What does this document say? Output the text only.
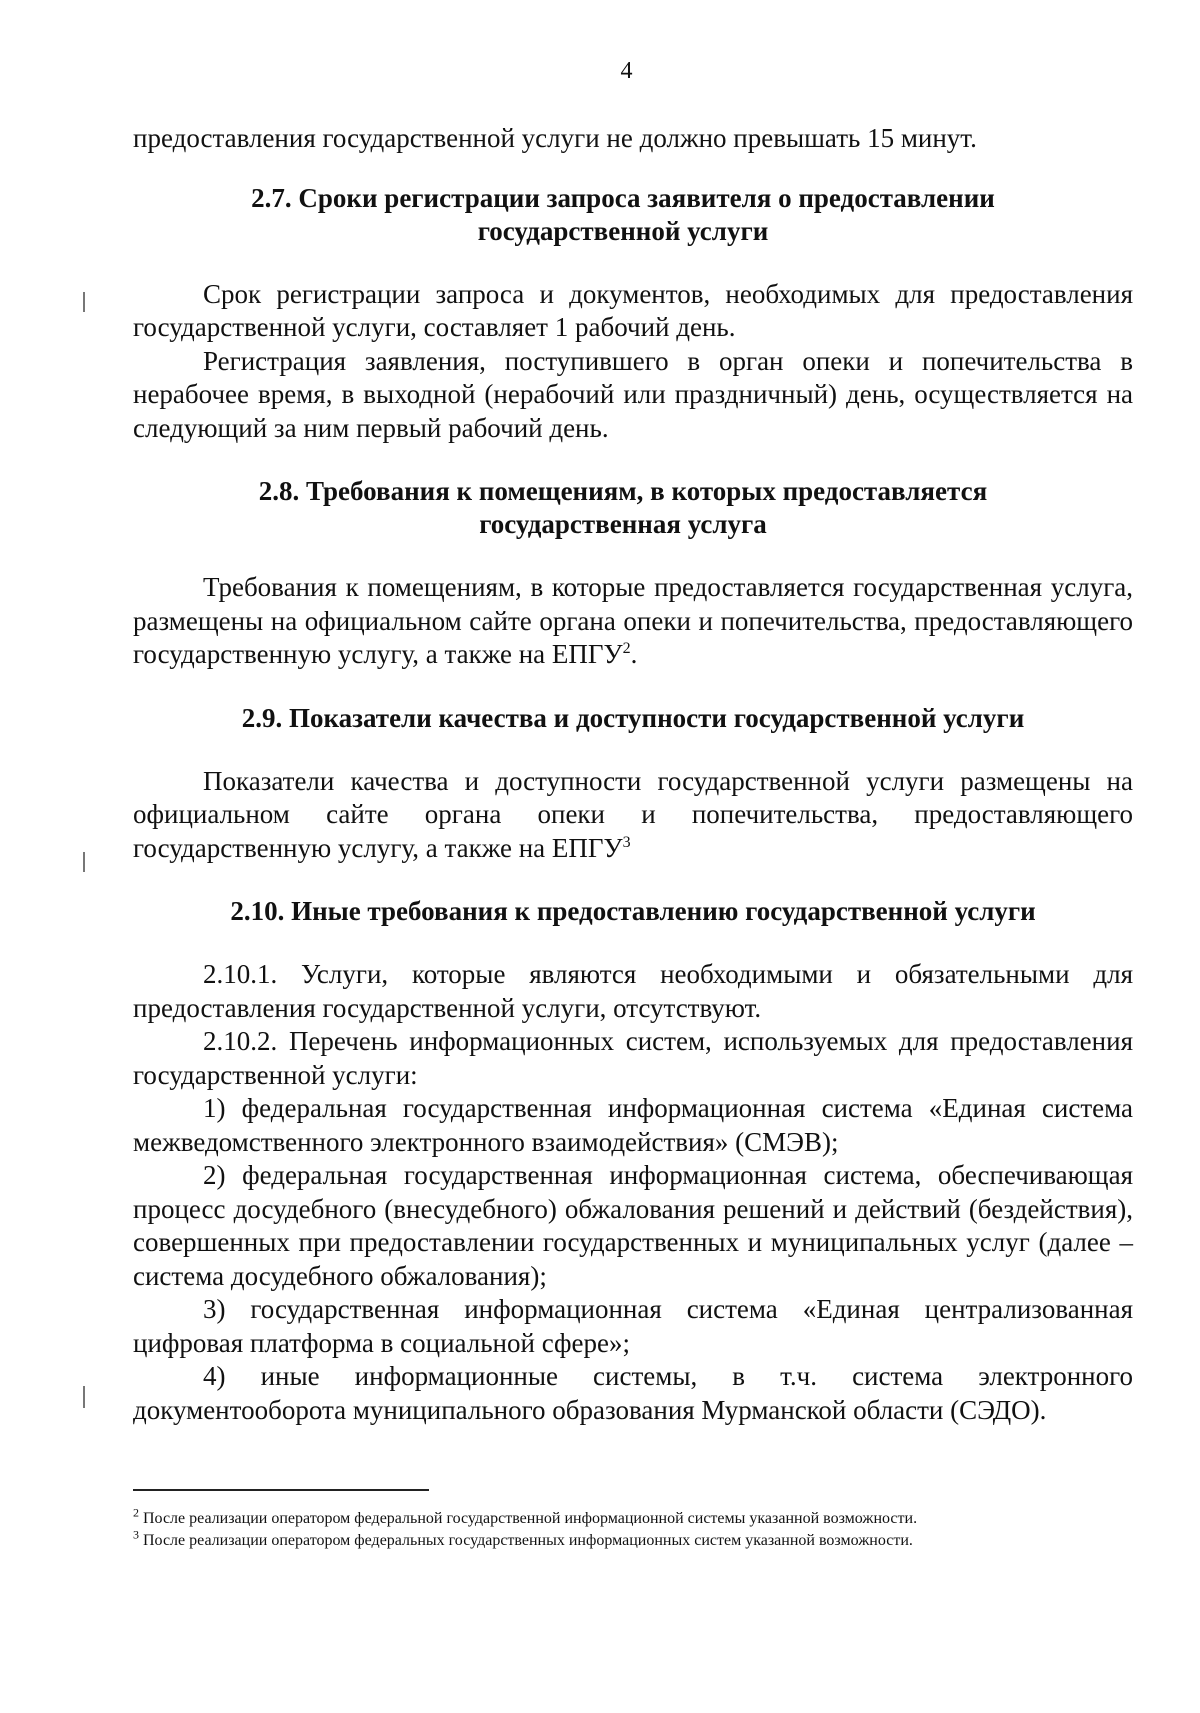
4

предоставления государственной услуги не должно превышать 15 минут.

2.7. Сроки регистрации запроса заявителя о предоставлении государственной услуги

Срок регистрации запроса и документов, необходимых для предоставления государственной услуги, составляет 1 рабочий день.

Регистрация заявления, поступившего в орган опеки и попечительства в нерабочее время, в выходной (нерабочий или праздничный) день, осуществляется на следующий за ним первый рабочий день.

2.8. Требования к помещениям, в которых предоставляется государственная услуга

Требования к помещениям, в которые предоставляется государственная услуга, размещены на официальном сайте органа опеки и попечительства, предоставляющего государственную услугу, а также на ЕПГУ$^2$.

2.9. Показатели качества и доступности государственной услуги

Показатели качества и доступности государственной услуги размещены на официальном сайте органа опеки и попечительства, предоставляющего государственную услугу, а также на ЕПГУ$^3$

2.10. Иные требования к предоставлению государственной услуги

2.10.1. Услуги, которые являются необходимыми и обязательными для предоставления государственной услуги, отсутствуют.

2.10.2. Перечень информационных систем, используемых для предоставления государственной услуги:

1) федеральная государственная информационная система «Единая система межведомственного электронного взаимодействия» (СМЭВ);

2) федеральная государственная информационная система, обеспечивающая процесс досудебного (внесудебного) обжалования решений и действий (бездействия), совершенных при предоставлении государственных и муниципальных услуг (далее – система досудебного обжалования);

3) государственная информационная система «Единая централизованная цифровая платформа в социальной сфере»;

4) иные информационные системы, в т.ч. система электронного документооборота муниципального образования Мурманской области (СЭДО).

$^2$ После реализации оператором федеральной государственной информационной системы указанной возможности.

$^3$ После реализации оператором федеральных государственных информационных систем указанной возможности.
